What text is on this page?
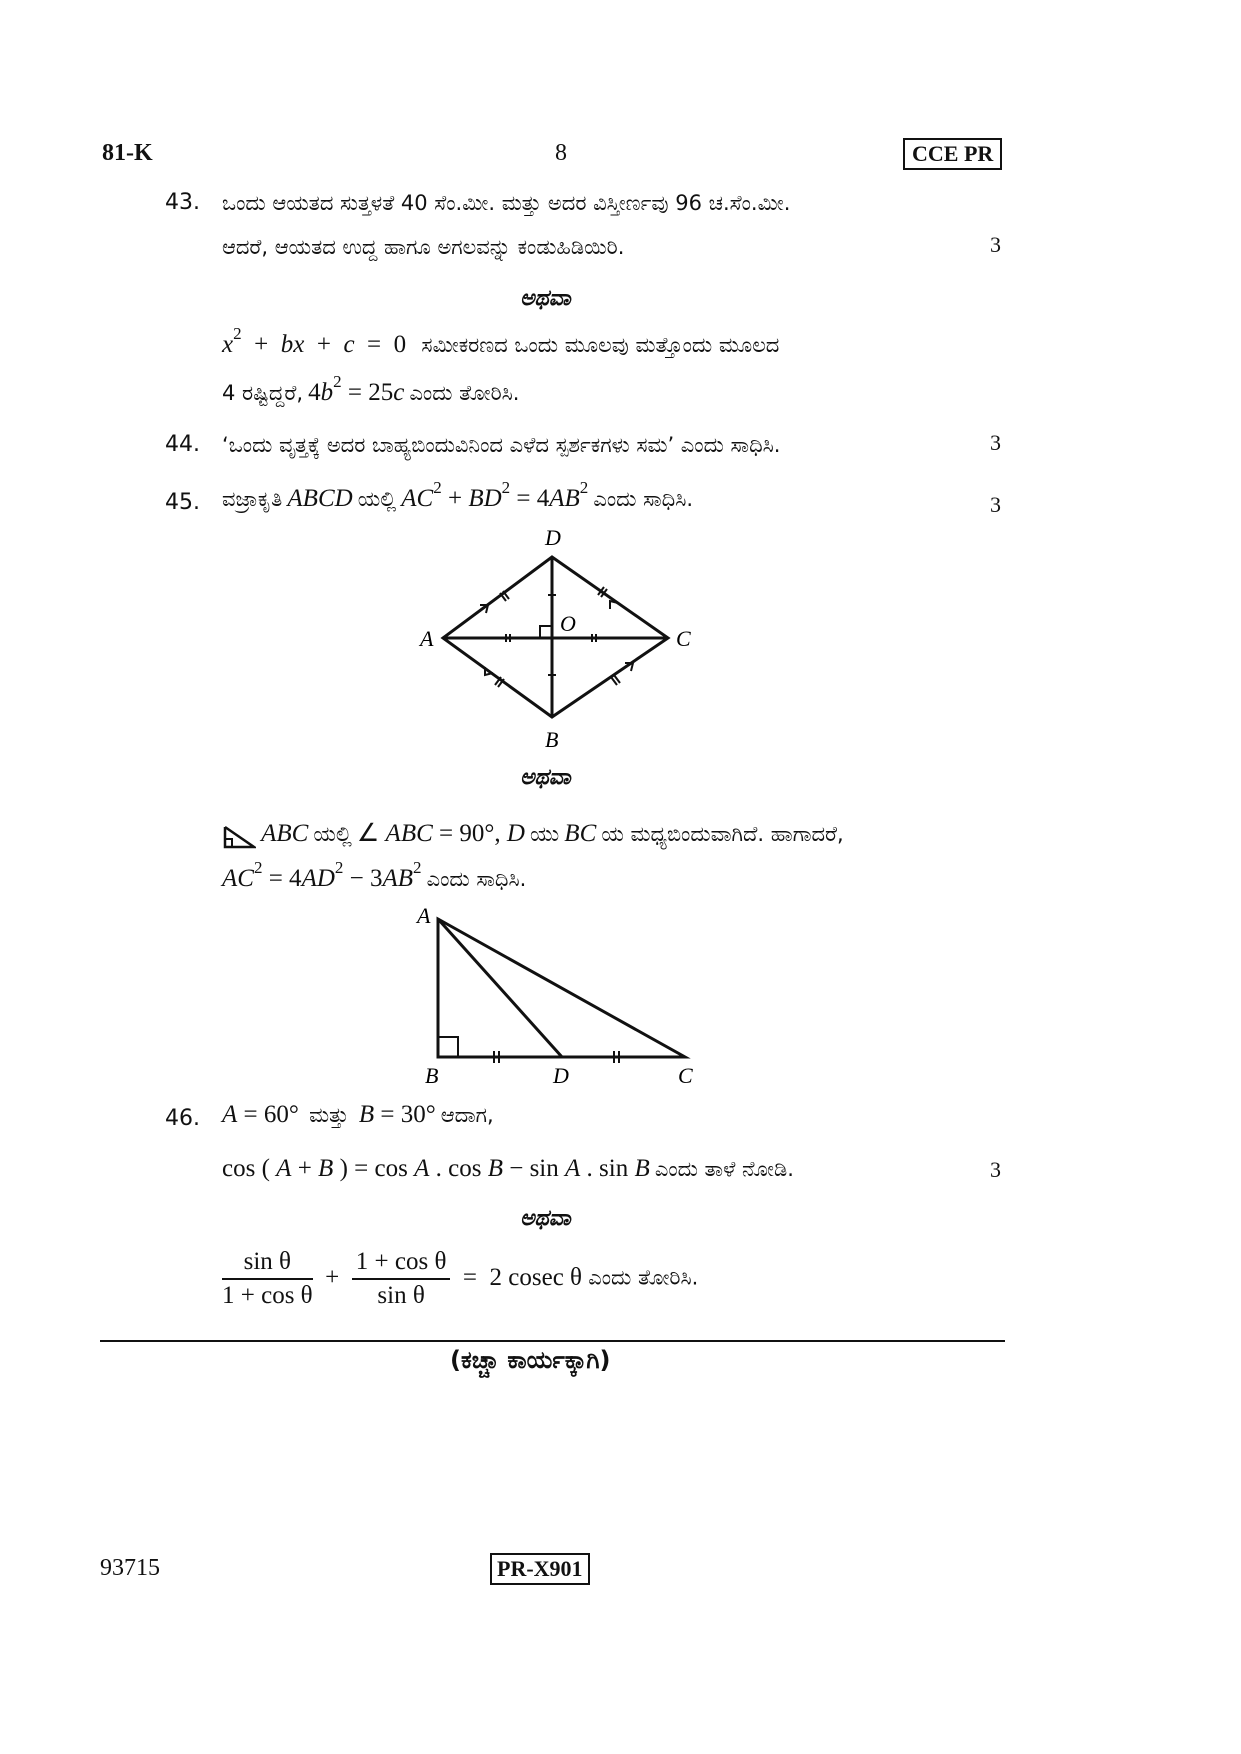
81-K	8	CCE PR
43. ಒಂದು ಆಯತದ ಸುತ್ತಳತೆ 40 ಸೆಂ.ಮೀ. ಮತ್ತು ಅದರ ವಿಸ್ತೀರ್ಣವು 96 ಚ.ಸೆಂ.ಮೀ.
ಆದರೆ, ಆಯತದ ಉದ್ದ ಹಾಗೂ ಅಗಲವನ್ನು ಕಂಡುಹಿಡಿಯಿರಿ.	3
ಅಥವಾ
$x^2$  +  bx  +  c  =  0 ಸಮೀಕರಣದ ಒಂದು ಮೂಲವು ಮತ್ತೊಂದು ಮೂಲದ
4 ರಷ್ಟಿದ್ದರೆ, $4b^2 = 25c$ ಎಂದು ತೋರಿಸಿ.
44. ‘ಒಂದು ವೃತ್ತಕ್ಕೆ ಅದರ ಬಾಹ್ಯಬಿಂದುವಿನಿಂದ ಎಳೆದ ಸ್ಪರ್ಶಕಗಳು ಸಮ’ ಎಂದು ಸಾಧಿಸಿ.	3
45. ವಜ್ರಾಕೃತಿ ABCD ಯಲ್ಲಿ $AC^2 + BD^2 = 4AB^2$ ಎಂದು ಸಾಧಿಸಿ.	3
A
D
C
B
O
ಅಥವಾ
ABC ಯಲ್ಲಿ ∠ ABC = 90°, D ಯು BC ಯ ಮಧ್ಯಬಿಂದುವಾಗಿದೆ. ಹಾಗಾದರೆ,
$AC^2 = 4AD^2 - 3AB^2$ ಎಂದು ಸಾಧಿಸಿ.
A
B	D	C
46. A = 60° ಮತ್ತು B = 30° ಆದಾಗ,
cos ( A + B ) = cos A . cos B − sin A . sin B ಎಂದು ತಾಳೆ ನೋಡಿ.	3
ಅಥವಾ
$\frac{\text{sin θ}}{\text{1 + cos θ}} + \frac{\text{1 + cos θ}}{\text{sin θ}} = 2$ cosec θ ಎಂದು ತೋರಿಸಿ.
(ಕಚ್ಚಾ ಕಾರ್ಯಕ್ಕಾಗಿ)
93715	PR-X901
